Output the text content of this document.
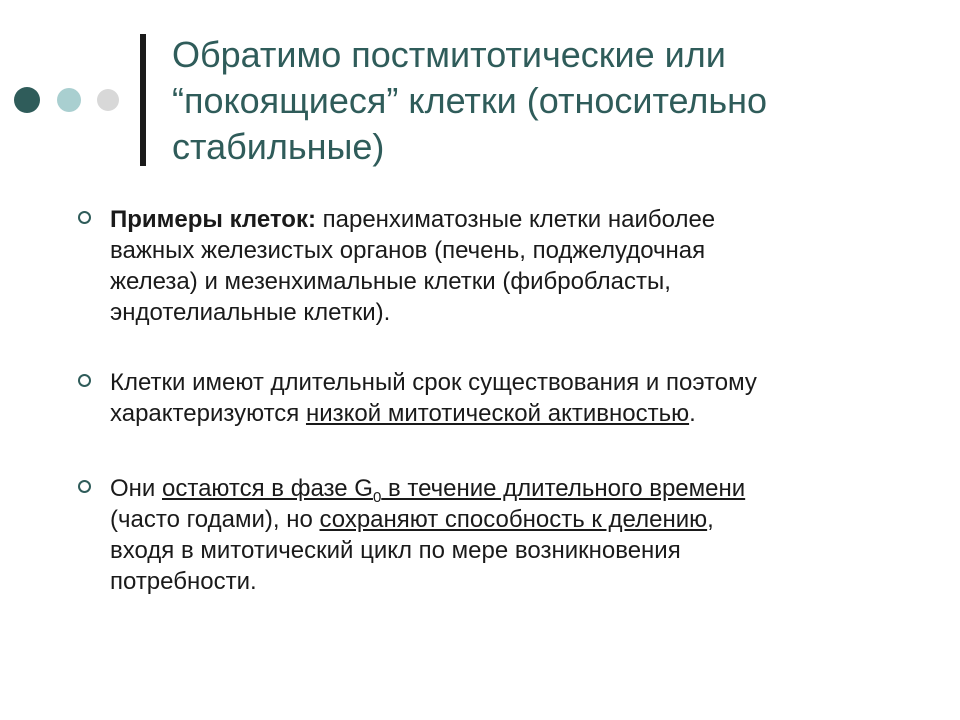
Обратимо постмитотические или
“покоящиеся” клетки (относительно
стабильные)
Примеры клеток: паренхиматозные клетки наиболее
важных железистых органов (печень, поджелудочная
железа) и мезенхимальные клетки (фибробласты,
эндотелиальные клетки).
Клетки имеют длительный срок существования и поэтому
характеризуются низкой митотической активностью.
Они остаются в фазе $G_0$ в течение длительного времени
(часто годами), но сохраняют способность к делению,
входя в митотический цикл по мере возникновения
потребности.
